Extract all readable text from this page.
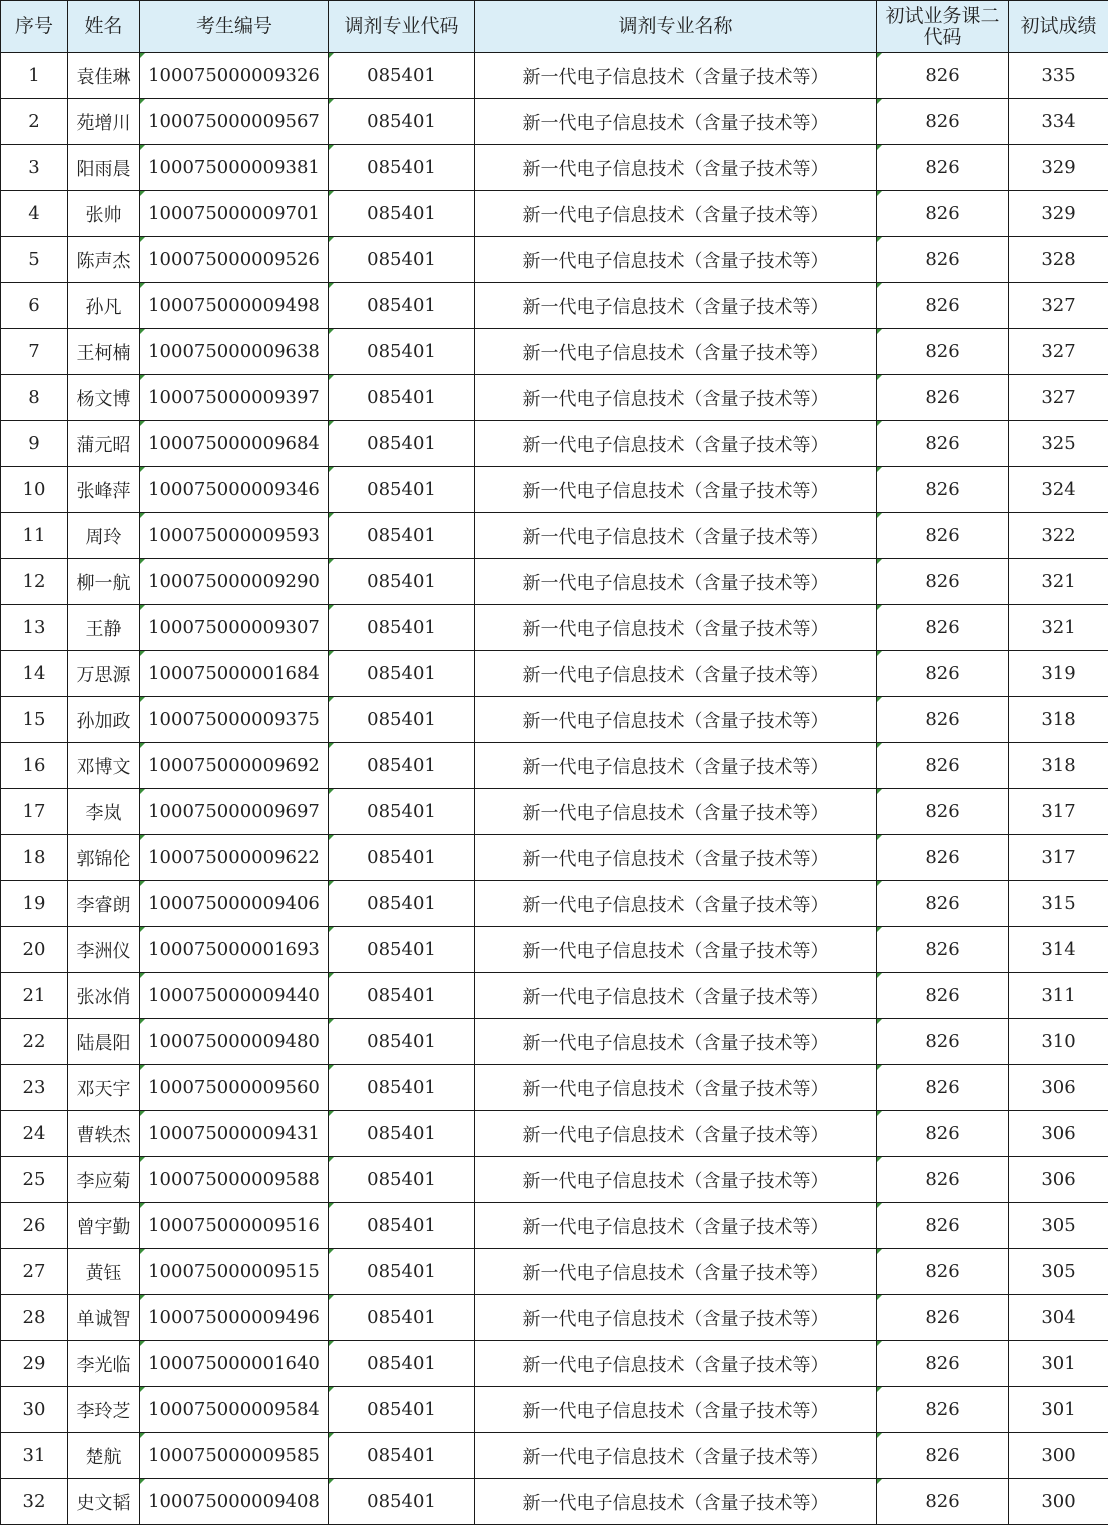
序号	姓名	考生编号	调剂专业代码	调剂专业名称	初试业务课二代码	初试成绩
1	袁佳琳	100075000009326	085401	新一代电子信息技术（含量子技术等）	826	335
2	苑增川	100075000009567	085401	新一代电子信息技术（含量子技术等）	826	334
3	阳雨晨	100075000009381	085401	新一代电子信息技术（含量子技术等）	826	329
4	张帅	100075000009701	085401	新一代电子信息技术（含量子技术等）	826	329
5	陈声杰	100075000009526	085401	新一代电子信息技术（含量子技术等）	826	328
6	孙凡	100075000009498	085401	新一代电子信息技术（含量子技术等）	826	327
7	王柯楠	100075000009638	085401	新一代电子信息技术（含量子技术等）	826	327
8	杨文博	100075000009397	085401	新一代电子信息技术（含量子技术等）	826	327
9	蒲元昭	100075000009684	085401	新一代电子信息技术（含量子技术等）	826	325
10	张峰萍	100075000009346	085401	新一代电子信息技术（含量子技术等）	826	324
11	周玲	100075000009593	085401	新一代电子信息技术（含量子技术等）	826	322
12	柳一航	100075000009290	085401	新一代电子信息技术（含量子技术等）	826	321
13	王静	100075000009307	085401	新一代电子信息技术（含量子技术等）	826	321
14	万思源	100075000001684	085401	新一代电子信息技术（含量子技术等）	826	319
15	孙加政	100075000009375	085401	新一代电子信息技术（含量子技术等）	826	318
16	邓博文	100075000009692	085401	新一代电子信息技术（含量子技术等）	826	318
17	李岚	100075000009697	085401	新一代电子信息技术（含量子技术等）	826	317
18	郭锦伦	100075000009622	085401	新一代电子信息技术（含量子技术等）	826	317
19	李睿朗	100075000009406	085401	新一代电子信息技术（含量子技术等）	826	315
20	李洲仪	100075000001693	085401	新一代电子信息技术（含量子技术等）	826	314
21	张冰俏	100075000009440	085401	新一代电子信息技术（含量子技术等）	826	311
22	陆晨阳	100075000009480	085401	新一代电子信息技术（含量子技术等）	826	310
23	邓天宇	100075000009560	085401	新一代电子信息技术（含量子技术等）	826	306
24	曹轶杰	100075000009431	085401	新一代电子信息技术（含量子技术等）	826	306
25	李应菊	100075000009588	085401	新一代电子信息技术（含量子技术等）	826	306
26	曾宇勤	100075000009516	085401	新一代电子信息技术（含量子技术等）	826	305
27	黄钰	100075000009515	085401	新一代电子信息技术（含量子技术等）	826	305
28	单诚智	100075000009496	085401	新一代电子信息技术（含量子技术等）	826	304
29	李光临	100075000001640	085401	新一代电子信息技术（含量子技术等）	826	301
30	李玲芝	100075000009584	085401	新一代电子信息技术（含量子技术等）	826	301
31	楚航	100075000009585	085401	新一代电子信息技术（含量子技术等）	826	300
32	史文韬	100075000009408	085401	新一代电子信息技术（含量子技术等）	826	300
